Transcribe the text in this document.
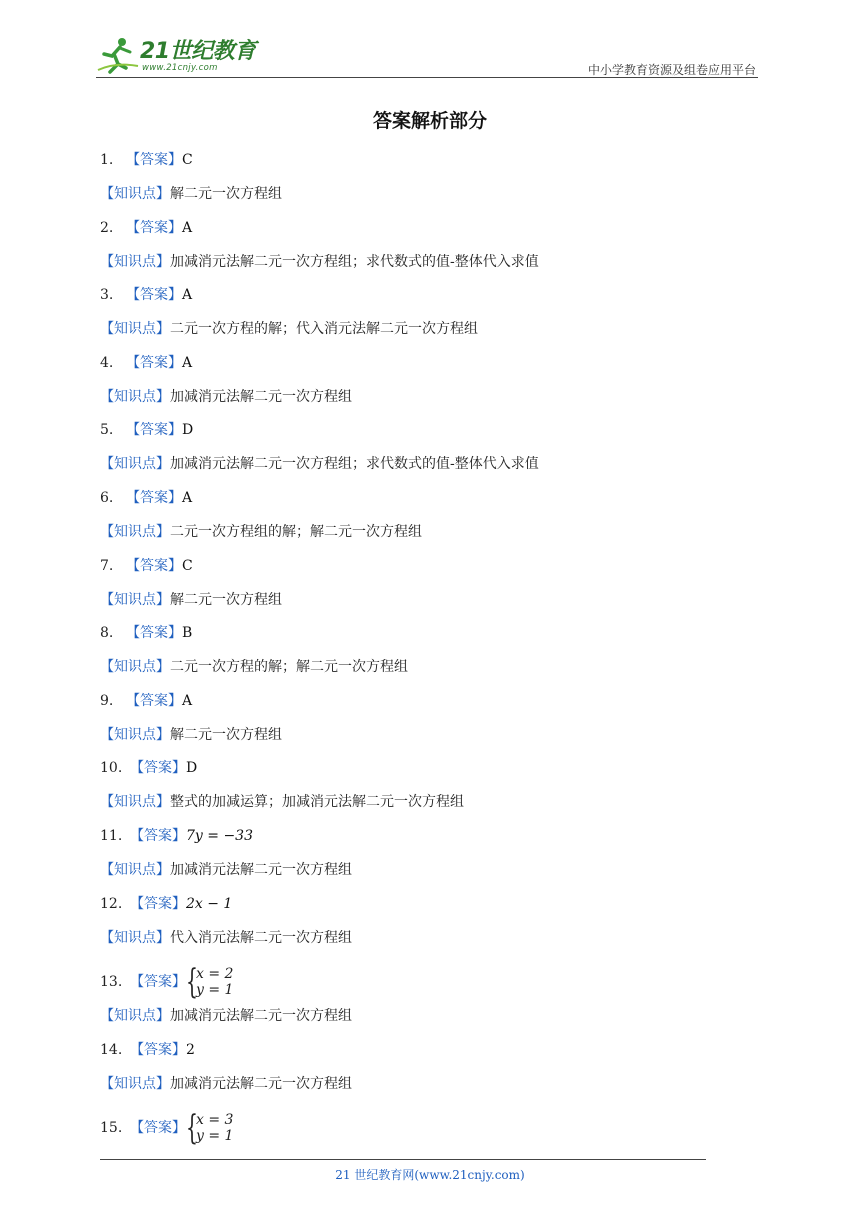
21世纪教育
www.21cnjy.com	中小学教育资源及组卷应用平台
答案解析部分
1. 【答案】C
【知识点】解二元一次方程组
2. 【答案】A
【知识点】加减消元法解二元一次方程组；求代数式的值-整体代入求值
3. 【答案】A
【知识点】二元一次方程的解；代入消元法解二元一次方程组
4. 【答案】A
【知识点】加减消元法解二元一次方程组
5. 【答案】D
【知识点】加减消元法解二元一次方程组；求代数式的值-整体代入求值
6. 【答案】A
【知识点】二元一次方程组的解；解二元一次方程组
7. 【答案】C
【知识点】解二元一次方程组
8. 【答案】B
【知识点】二元一次方程的解；解二元一次方程组
9. 【答案】A
【知识点】解二元一次方程组
10. 【答案】D
【知识点】整式的加减运算；加减消元法解二元一次方程组
11. 【答案】7y = −33
【知识点】加减消元法解二元一次方程组
12. 【答案】2x − 1
【知识点】代入消元法解二元一次方程组
13. 【答案】 {
x = 2
y = 1
【知识点】加减消元法解二元一次方程组
14. 【答案】2
【知识点】加减消元法解二元一次方程组
15. 【答案】 {
x = 3
y = 1
21 世纪教育网(www.21cnjy.com)
